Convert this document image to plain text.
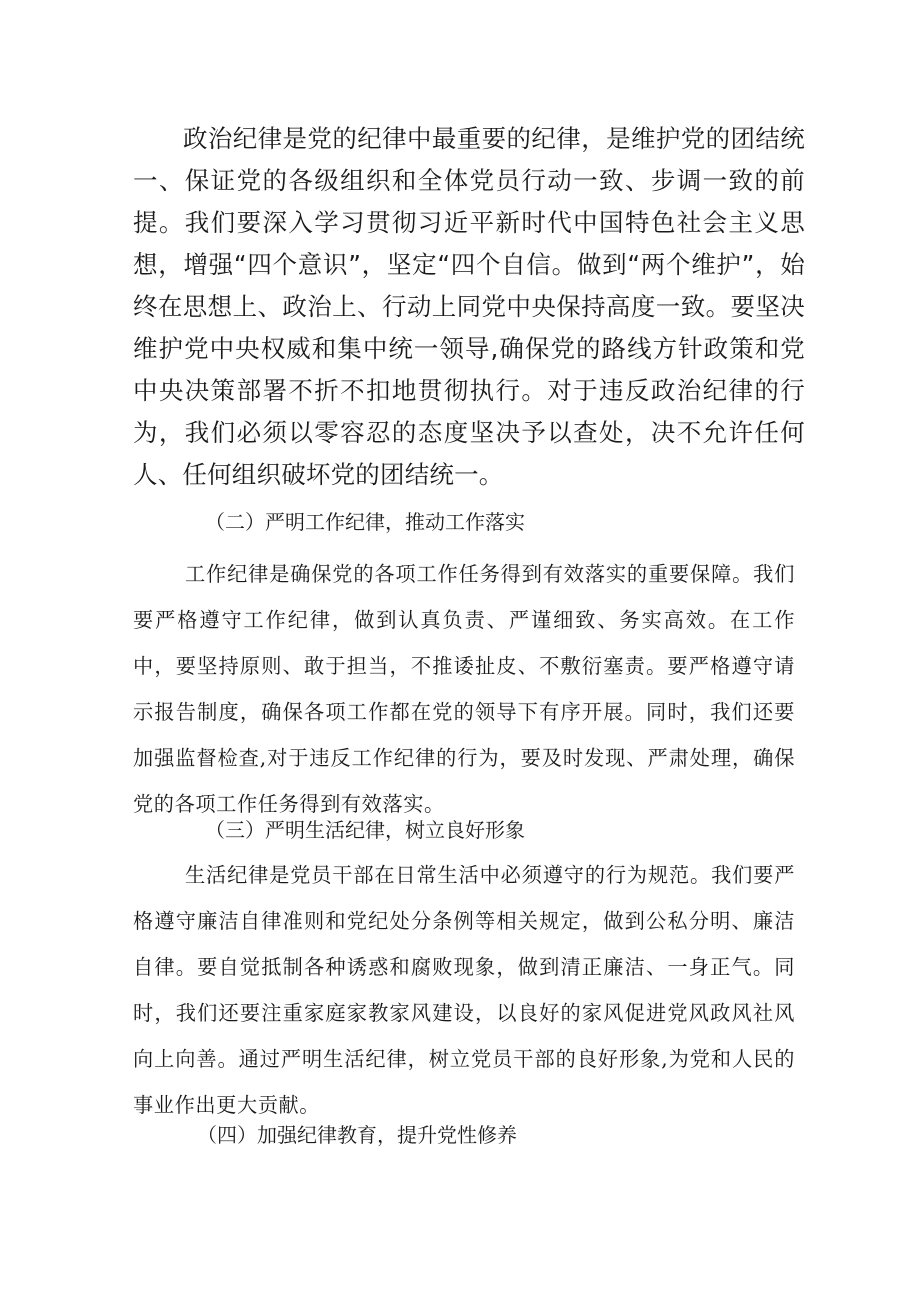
政治纪律是党的纪律中最重要的纪律，是维护党的团结统一、保证党的各级组织和全体党员行动一致、步调一致的前提。我们要深入学习贯彻习近平新时代中国特色社会主义思想，增强“四个意识”，坚定“四个自信。做到“两个维护”，始终在思想上、政治上、行动上同党中央保持高度一致。要坚决维护党中央权威和集中统一领导,确保党的路线方针政策和党中央决策部署不折不扣地贯彻执行。对于违反政治纪律的行为，我们必须以零容忍的态度坚决予以查处，决不允许任何人、任何组织破坏党的团结统一。

（二）严明工作纪律，推动工作落实

工作纪律是确保党的各项工作任务得到有效落实的重要保障。我们要严格遵守工作纪律，做到认真负责、严谨细致、务实高效。在工作中，要坚持原则、敢于担当，不推诿扯皮、不敷衍塞责。要严格遵守请示报告制度，确保各项工作都在党的领导下有序开展。同时，我们还要加强监督检查,对于违反工作纪律的行为，要及时发现、严肃处理，确保党的各项工作任务得到有效落实。

（三）严明生活纪律，树立良好形象

生活纪律是党员干部在日常生活中必须遵守的行为规范。我们要严格遵守廉洁自律准则和党纪处分条例等相关规定，做到公私分明、廉洁自律。要自觉抵制各种诱惑和腐败现象，做到清正廉洁、一身正气。同时，我们还要注重家庭家教家风建设，以良好的家风促进党风政风社风向上向善。通过严明生活纪律，树立党员干部的良好形象,为党和人民的事业作出更大贡献。

（四）加强纪律教育，提升党性修养
